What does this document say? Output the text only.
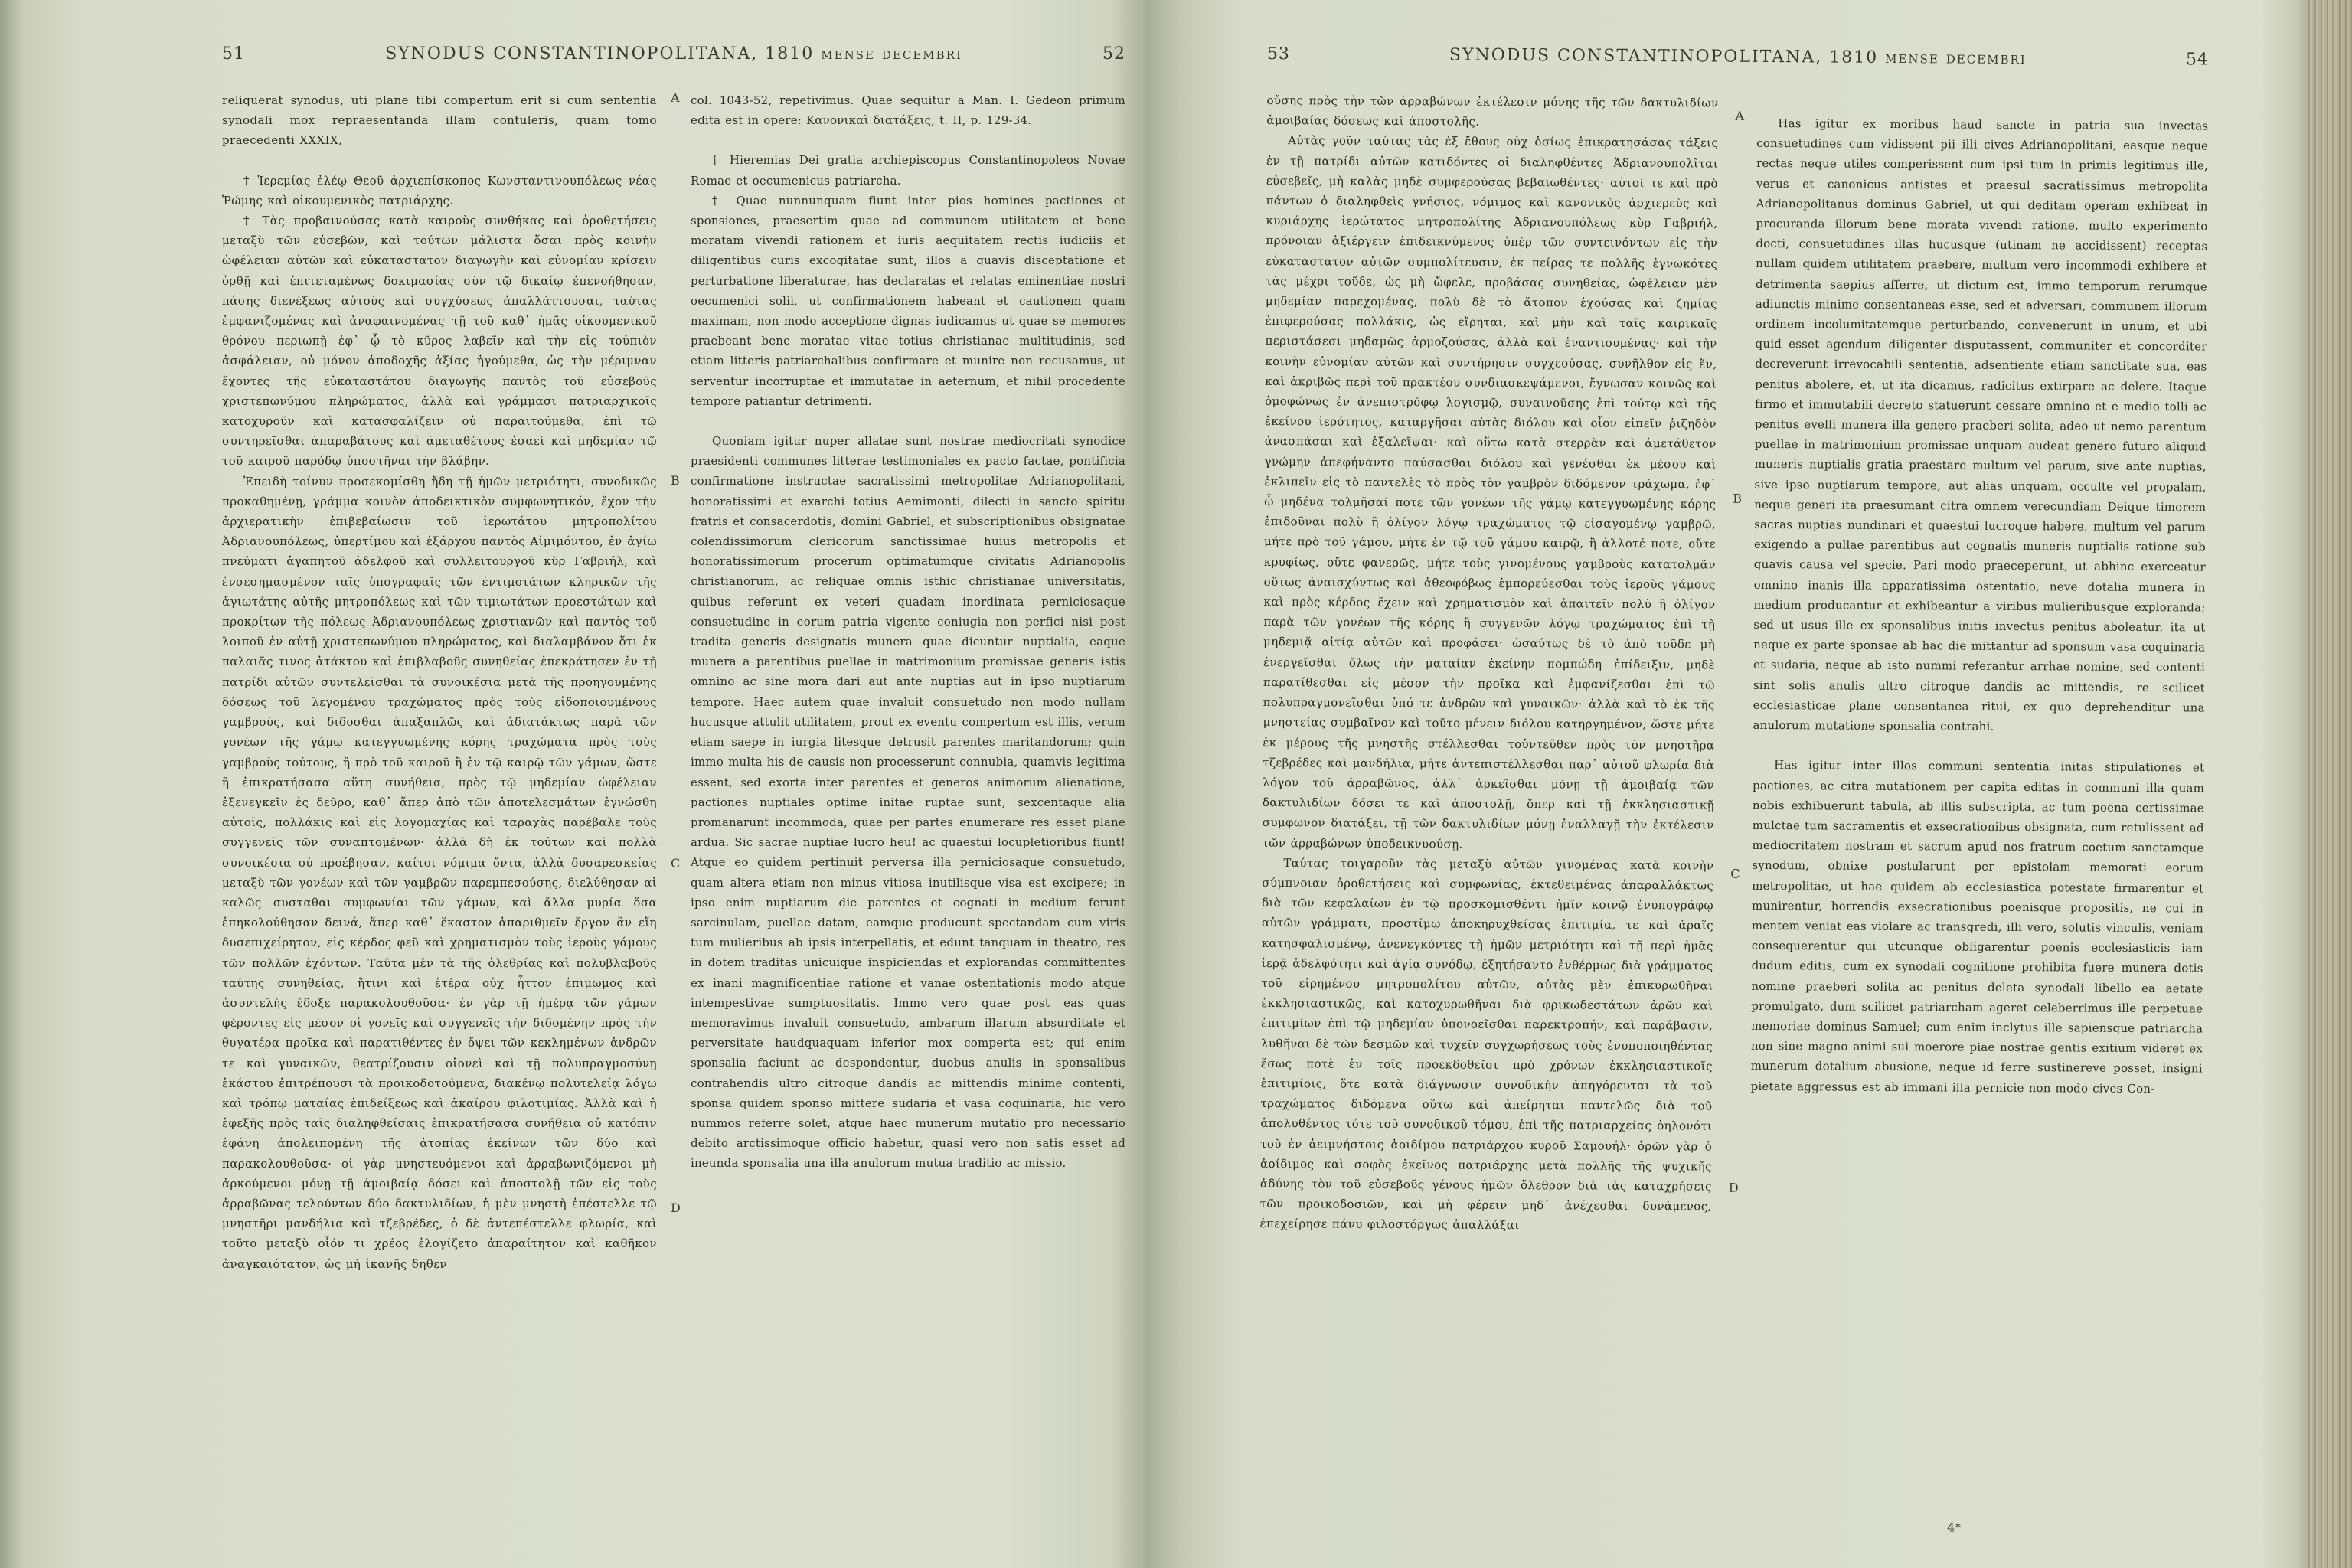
51	SYNODUS CONSTANTINOPOLITANA, 1810 mense decembri	52

reliquerat synodus, uti plane tibi compertum erit si cum sententia synodali mox repraesentanda illam contuleris, quam tomo praecedenti XXXIX,

† Ἱερεμίας ἐλέῳ Θεοῦ ἀρχιεπίσκοπος Κωνσταντινουπόλεως νέας Ῥώμης καὶ οἰκουμενικὸς πατριάρχης.

† Τὰς προβαινούσας κατὰ καιροὺς συνθήκας καὶ ὁροθετήσεις μεταξὺ τῶν εὐσεβῶν, καὶ τούτων μάλιστα ὅσαι πρὸς κοινὴν ὠφέλειαν αὐτῶν καὶ εὐκαταστατον διαγωγὴν καὶ εὐνομίαν κρίσειν ὀρθῇ καὶ ἐπιτεταμένως δοκιμασίας σὺν τῷ δικαίῳ ἐπενοήθησαν, πάσης διενέξεως αὐτοὺς καὶ συγχύσεως ἀπαλλάττουσαι, ταύτας ἐμφανιζομένας καὶ ἀναφαινομένας τῇ τοῦ καθ᾽ ἡμᾶς οἰκουμενικοῦ θρόνου περιωπῇ ἐφ᾽ ᾧ τὸ κῦρος λαβεῖν καὶ τὴν εἰς τοὐπιὸν ἀσφάλειαν, οὐ μόνον ἀποδοχῆς ἀξίας ἡγούμεθα, ὡς τὴν μέριμναν ἔχοντες τῆς εὐκαταστάτου διαγωγῆς παντὸς τοῦ εὐσεβοῦς χριστεπωνύμου πληρώματος, ἀλλὰ καὶ γράμμασι πατριαρχικοῖς κατοχυροῦν καὶ κατασφαλίζειν οὐ παραιτούμεθα, ἐπὶ τῷ συντηρεῖσθαι ἀπαραβάτους καὶ ἀμεταθέτους ἐσαεὶ καὶ μηδεμίαν τῷ τοῦ καιροῦ παρόδῳ ὑποστῆναι τὴν βλάβην.

Ἐπειδὴ τοίνυν προσεκομίσθη ἤδη τῇ ἡμῶν μετριότητι, συνοδικῶς προκαθημένῃ, γράμμα κοινὸν ἀποδεικτικὸν συμφωνητικόν, ἔχον τὴν ἀρχιερατικὴν ἐπιβεβαίωσιν τοῦ ἱερωτάτου μητροπολίτου Ἀδριανουπόλεως, ὑπερτίμου καὶ ἐξάρχου παντὸς Αἰμιμόντου, ἐν ἁγίῳ πνεύματι ἀγαπητοῦ ἀδελφοῦ καὶ συλλειτουργοῦ κὺρ Γαβριήλ, καὶ ἐνσεσημασμένον ταῖς ὑπογραφαῖς τῶν ἐντιμοτάτων κληρικῶν τῆς ἁγιωτάτης αὐτῆς μητροπόλεως καὶ τῶν τιμιωτάτων προεστώτων καὶ προκρίτων τῆς πόλεως Ἀδριανουπόλεως χριστιανῶν καὶ παντὸς τοῦ λοιποῦ ἐν αὐτῇ χριστεπωνύμου πληρώματος, καὶ διαλαμβάνον ὅτι ἐκ παλαιᾶς τινος ἀτάκτου καὶ ἐπιβλαβοῦς συνηθείας ἐπεκράτησεν ἐν τῇ πατρίδι αὐτῶν συντελεῖσθαι τὰ συνοικέσια μετὰ τῆς προηγουμένης δόσεως τοῦ λεγομένου τραχώματος πρὸς τοὺς εἰδοποιουμένους γαμβρούς, καὶ διδοσθαι ἀπαξαπλῶς καὶ ἀδιατάκτως παρὰ τῶν γονέων τῆς γάμῳ κατεγγυωμένης κόρης τραχώματα πρὸς τοὺς γαμβροὺς τούτους, ἢ πρὸ τοῦ καιροῦ ἢ ἐν τῷ καιρῷ τῶν γάμων, ὥστε ἢ ἐπικρατήσασα αὕτη συνήθεια, πρὸς τῷ μηδεμίαν ὠφέλειαν ἐξενεγκεῖν ἐς δεῦρο, καθ᾽ ἅπερ ἀπὸ τῶν ἀποτελεσμάτων ἐγνώσθη αὐτοῖς, πολλάκις καὶ εἰς λογομαχίας καὶ ταραχὰς παρέβαλε τοὺς συγγενεῖς τῶν συναπτομένων· ἀλλὰ δὴ ἐκ τούτων καὶ πολλὰ συνοικέσια οὐ προέβησαν, καίτοι νόμιμα ὄντα, ἀλλὰ δυσαρεσκείας μεταξὺ τῶν γονέων καὶ τῶν γαμβρῶν παρεμπεσούσης, διελύθησαν αἱ καλῶς συσταθαι συμφωνίαι τῶν γάμων, καὶ ἄλλα μυρία ὅσα ἐπηκολούθησαν δεινά, ἅπερ καθ᾽ ἕκαστον ἀπαριθμεῖν ἔργον ἂν εἴη δυσεπιχείρητον, εἰς κέρδος φεῦ καὶ χρηματισμὸν τοὺς ἱεροὺς γάμους τῶν πολλῶν ἐχόντων. Ταῦτα μὲν τὰ τῆς ὀλεθρίας καὶ πολυβλαβοῦς ταύτης συνηθείας, ἥτινι καὶ ἑτέρα οὐχ ἧττον ἐπιμωμος καὶ ἀσυντελὴς ἔδοξε παρακολουθοῦσα· ἐν γὰρ τῇ ἡμέρᾳ τῶν γάμων φέροντες εἰς μέσον οἱ γονεῖς καὶ συγγενεῖς τὴν διδομένην πρὸς τὴν θυγατέρα προῖκα καὶ παρατιθέντες ἐν ὄψει τῶν κεκλημένων ἀνδρῶν τε καὶ γυναικῶν, θεατρίζουσιν οἱονεὶ καὶ τῇ πολυπραγμοσύνῃ ἑκάστου ἐπιτρέπουσι τὰ προικοδοτούμενα, διακένῳ πολυτελείᾳ λόγῳ καὶ τρόπῳ ματαίας ἐπιδείξεως καὶ ἀκαίρου φιλοτιμίας. Ἀλλὰ καὶ ἡ ἐφεξῆς πρὸς ταῖς διαληφθείσαις ἐπικρατήσασα συνήθεια οὐ κατόπιν ἐφάνη ἀπολειπομένη τῆς ἀτοπίας ἐκείνων τῶν δύο καὶ παρακολουθοῦσα· οἱ γὰρ μνηστευόμενοι καὶ ἀρραβωνιζόμενοι μὴ ἀρκούμενοι μόνῃ τῇ ἀμοιβαίᾳ δόσει καὶ ἀποστολῇ τῶν εἰς τοὺς ἀρραβῶνας τελούντων δύο δακτυλιδίων, ἡ μὲν μνηστὴ ἐπέστελλε τῷ μνηστῆρι μανδήλια καὶ τζεβρέδες, ὁ δὲ ἀντεπέστελλε φλωρία, καὶ τοῦτο μεταξὺ οἷόν τι χρέος ἐλογίζετο ἀπαραίτητον καὶ καθῆκον ἀναγκαιότατον, ὡς μὴ ἱκανῆς δηθεν

col. 1043-52, repetivimus. Quae sequitur a Man. I. Gedeon primum edita est in opere: Κανονικαὶ διατάξεις, t. II, p. 129-34.

† Hieremias Dei gratia archiepiscopus Constantinopoleos Novae Romae et oecumenicus patriarcha.

† Quae nunnunquam fiunt inter pios homines pactiones et sponsiones, praesertim quae ad communem utilitatem et bene moratam vivendi rationem et iuris aequitatem rectis iudiciis et diligentibus curis excogitatae sunt, illos a quavis disceptatione et perturbatione liberaturae, has declaratas et relatas eminentiae nostri oecumenici solii, ut confirmationem habeant et cautionem quam maximam, non modo acceptione dignas iudicamus ut quae se memores praebeant bene moratae vitae totius christianae multitudinis, sed etiam litteris patriarchalibus confirmare et munire non recusamus, ut serventur incorruptae et immutatae in aeternum, et nihil procedente tempore patiantur detrimenti.

Quoniam igitur nuper allatae sunt nostrae mediocritati synodice praesidenti communes litterae testimoniales ex pacto factae, pontificia confirmatione instructae sacratissimi metropolitae Adrianopolitani, honoratissimi et exarchi totius Aemimonti, dilecti in sancto spiritu fratris et consacerdotis, domini Gabriel, et subscriptionibus obsignatae colendissimorum clericorum sanctissimae huius metropolis et honoratissimorum procerum optimatumque civitatis Adrianopolis christianorum, ac reliquae omnis isthic christianae universitatis, quibus referunt ex veteri quadam inordinata perniciosaque consuetudine in eorum patria vigente coniugia non perfici nisi post tradita generis designatis munera quae dicuntur nuptialia, eaque munera a parentibus puellae in matrimonium promissae generis istis omnino ac sine mora dari aut ante nuptias aut in ipso nuptiarum tempore. Haec autem quae invaluit consuetudo non modo nullam hucusque attulit utilitatem, prout ex eventu compertum est illis, verum etiam saepe in iurgia litesque detrusit parentes maritandorum; quin immo multa his de causis non processerunt connubia, quamvis legitima essent, sed exorta inter parentes et generos animorum alienatione, pactiones nuptiales optime initae ruptae sunt, sexcentaque alia promanarunt incommoda, quae per partes enumerare res esset plane ardua. Sic sacrae nuptiae lucro heu! ac quaestui locupletioribus fiunt! Atque eo quidem pertinuit perversa illa perniciosaque consuetudo, quam altera etiam non minus vitiosa inutilisque visa est excipere; in ipso enim nuptiarum die parentes et cognati in medium ferunt sarcinulam, puellae datam, eamque producunt spectandam cum viris tum mulieribus ab ipsis interpellatis, et edunt tanquam in theatro, res in dotem traditas unicuique inspiciendas et explorandas committentes ex inani magnificentiae ratione et vanae ostentationis modo atque intempestivae sumptuositatis. Immo vero quae post eas quas memoravimus invaluit consuetudo, ambarum illarum absurditate et perversitate haudquaquam inferior mox comperta est; qui enim sponsalia faciunt ac despondentur, duobus anulis in sponsalibus contrahendis ultro citroque dandis ac mittendis minime contenti, sponsa quidem sponso mittere sudaria et vasa coquinaria, hic vero nummos referre solet, atque haec munerum mutatio pro necessario debito arctissimoque officio habetur, quasi vero non satis esset ad ineunda sponsalia una illa anulorum mutua traditio ac missio.

A
B
C
D
53	SYNODUS CONSTANTINOPOLITANA, 1810 mense decembri	54

οὔσης πρὸς τὴν τῶν ἀρραβώνων ἐκτέλεσιν μόνης τῆς τῶν δακτυλιδίων ἀμοιβαίας δόσεως καὶ ἀποστολῆς.

Αὐτὰς γοῦν ταύτας τὰς ἐξ ἔθους οὐχ ὁσίως ἐπικρατησάσας τάξεις ἐν τῇ πατρίδι αὐτῶν κατιδόντες οἱ διαληφθέντες Ἀδριανουπολῖται εὐσεβεῖς, μὴ καλὰς μηδὲ συμφερούσας βεβαιωθέντες· αὐτοί τε καὶ πρὸ πάντων ὁ διαληφθεὶς γνήσιος, νόμιμος καὶ κανονικὸς ἀρχιερεὺς καὶ κυριάρχης ἱερώτατος μητροπολίτης Ἀδριανουπόλεως κὺρ Γαβριήλ, πρόνοιαν ἀξιέργειν ἐπιδεικνύμενος ὑπὲρ τῶν συντεινόντων εἰς τὴν εὐκαταστατον αὐτῶν συμπολίτευσιν, ἐκ πείρας τε πολλῆς ἐγνωκότες τὰς μέχρι τοῦδε, ὡς μὴ ὤφελε, προβάσας συνηθείας, ὠφέλειαν μὲν μηδεμίαν παρεχομένας, πολὺ δὲ τὸ ἄτοπον ἐχούσας καὶ ζημίας ἐπιφερούσας πολλάκις, ὡς εἴρηται, καὶ μὴν καὶ ταῖς καιρικαῖς περιστάσεσι μηδαμῶς ἁρμοζούσας, ἀλλὰ καὶ ἐναντιουμένας· καὶ τὴν κοινὴν εὐνομίαν αὐτῶν καὶ συντήρησιν συγχεούσας, συνῆλθον εἰς ἕν, καὶ ἀκριβῶς περὶ τοῦ πρακτέου συνδιασκεψάμενοι, ἔγνωσαν κοινῶς καὶ ὁμοφώνως ἐν ἀνεπιστρόφῳ λογισμῷ, συναινοῦσης ἐπὶ τούτῳ καὶ τῆς ἐκείνου ἱερότητος, καταργῆσαι αὐτὰς διόλου καὶ οἷον εἰπεῖν ῥιζηδὸν ἀνασπάσαι καὶ ἐξαλεῖψαι· καὶ οὕτω κατὰ στερρὰν καὶ ἀμετάθετον γνώμην ἀπεφήναντο παύσασθαι διόλου καὶ γενέσθαι ἐκ μέσου καὶ ἐκλιπεῖν εἰς τὸ παντελὲς τὸ πρὸς τὸν γαμβρὸν διδόμενον τράχωμα, ἐφ᾽ ᾧ μηδένα τολμῆσαί ποτε τῶν γονέων τῆς γάμῳ κατεγγυωμένης κόρης ἐπιδοῦναι πολὺ ἢ ὀλίγον λόγῳ τραχώματος τῷ εἰσαγομένῳ γαμβρῷ, μήτε πρὸ τοῦ γάμου, μήτε ἐν τῷ τοῦ γάμου καιρῷ, ἢ ἀλλοτέ ποτε, οὔτε κρυφίως, οὔτε φανερῶς, μήτε τοὺς γινομένους γαμβροὺς κατατολμᾶν οὕτως ἀναισχύντως καὶ ἀθεοφόβως ἐμπορεύεσθαι τοὺς ἱεροὺς γάμους καὶ πρὸς κέρδος ἔχειν καὶ χρηματισμὸν καὶ ἀπαιτεῖν πολὺ ἢ ὀλίγον παρὰ τῶν γονέων τῆς κόρης ἢ συγγενῶν λόγῳ τραχώματος ἐπὶ τῇ μηδεμιᾷ αἰτίᾳ αὐτῶν καὶ προφάσει· ὡσαύτως δὲ τὸ ἀπὸ τοῦδε μὴ ἐνεργεῖσθαι ὅλως τὴν ματαίαν ἐκείνην πομπώδη ἐπίδειξιν, μηδὲ παρατίθεσθαι εἰς μέσον τὴν προῖκα καὶ ἐμφανίζεσθαι ἐπὶ τῷ πολυπραγμονεῖσθαι ὑπό τε ἀνδρῶν καὶ γυναικῶν· ἀλλὰ καὶ τὸ ἐκ τῆς μνηστείας συμβαῖνον καὶ τοῦτο μένειν διόλου κατηργημένον, ὥστε μήτε ἐκ μέρους τῆς μνηστῆς στέλλεσθαι τοὐντεῦθεν πρὸς τὸν μνηστῆρα τζεβρέδες καὶ μανδήλια, μήτε ἀντεπιστέλλεσθαι παρ᾽ αὐτοῦ φλωρία διὰ λόγον τοῦ ἀρραβῶνος, ἀλλ᾽ ἀρκεῖσθαι μόνῃ τῇ ἀμοιβαίᾳ τῶν δακτυλιδίων δόσει τε καὶ ἀποστολῇ, ὅπερ καὶ τῇ ἐκκλησιαστικῇ συμφωνον διατάξει, τῇ τῶν δακτυλιδίων μόνῃ ἐναλλαγῇ τὴν ἐκτέλεσιν τῶν ἀρραβώνων ὑποδεικνυούσῃ.

Ταύτας τοιγαροῦν τὰς μεταξὺ αὐτῶν γινομένας κατὰ κοινὴν σύμπνοιαν ὁροθετήσεις καὶ συμφωνίας, ἐκτεθειμένας ἀπαραλλάκτως διὰ τῶν κεφαλαίων ἐν τῷ προσκομισθέντι ἡμῖν κοινῷ ἐνυπογράφῳ αὐτῶν γράμματι, προστίμῳ ἀποκηρυχθείσας ἐπιτιμία, τε καὶ ἀραῖς κατησφαλισμένῳ, ἀνενεγκόντες τῇ ἡμῶν μετριότητι καὶ τῇ περὶ ἡμᾶς ἱερᾷ ἀδελφότητι καὶ ἁγίᾳ συνόδῳ, ἐξητήσαντο ἐνθέρμως διὰ γράμματος τοῦ εἰρημένου μητροπολίτου αὐτῶν, αὐτὰς μὲν ἐπικυρωθῆναι ἐκκλησιαστικῶς, καὶ κατοχυρωθῆναι διὰ φρικωδεστάτων ἀρῶν καὶ ἐπιτιμίων ἐπὶ τῷ μηδεμίαν ὑπονοεῖσθαι παρεκτροπήν, καὶ παράβασιν, λυθῆναι δὲ τῶν δεσμῶν καὶ τυχεῖν συγχωρήσεως τοὺς ἐνυποποιηθέντας ἔσως ποτὲ ἐν τοῖς προεκδοθεῖσι πρὸ χρόνων ἐκκλησιαστικοῖς ἐπιτιμίοις, ὅτε κατὰ διάγνωσιν συνοδικὴν ἀπηγόρευται τὰ τοῦ τραχώματος διδόμενα οὕτω καὶ ἀπείρηται παντελῶς διὰ τοῦ ἀπολυθέντος τότε τοῦ συνοδικοῦ τόμου, ἐπὶ τῆς πατριαρχείας ὀηλονότι τοῦ ἐν ἀειμνήστοις ἀοιδίμου πατριάρχου κυροῦ Σαμουήλ· ὁρῶν γὰρ ὁ ἀοίδιμος καὶ σοφὸς ἐκεῖνος πατριάρχης μετὰ πολλῆς τῆς ψυχικῆς ἀδύνης τὸν τοῦ εὐσεβοῦς γένους ἡμῶν ὄλεθρον διὰ τὰς καταχρήσεις τῶν προικοδοσιῶν, καὶ μὴ φέρειν μηδ᾽ ἀνέχεσθαι δυνάμενος, ἐπεχείρησε πάνυ φιλοστόργως ἀπαλλάξαι

Has igitur ex moribus haud sancte in patria sua invectas consuetudines cum vidissent pii illi cives Adrianopolitani, easque neque rectas neque utiles comperissent cum ipsi tum in primis legitimus ille, verus et canonicus antistes et praesul sacratissimus metropolita Adrianopolitanus dominus Gabriel, ut qui deditam operam exhibeat in procuranda illorum bene morata vivendi ratione, multo experimento docti, consuetudines illas hucusque (utinam ne accidissent) receptas nullam quidem utilitatem praebere, multum vero incommodi exhibere et detrimenta saepius afferre, ut dictum est, immo temporum rerumque adiunctis minime consentaneas esse, sed et adversari, communem illorum ordinem incolumitatemque perturbando, convenerunt in unum, et ubi quid esset agendum diligenter disputassent, communiter et concorditer decreverunt irrevocabili sententia, adsentiente etiam sanctitate sua, eas penitus abolere, et, ut ita dicamus, radicitus extirpare ac delere. Itaque firmo et immutabili decreto statuerunt cessare omnino et e medio tolli ac penitus evelli munera illa genero praeberi solita, adeo ut nemo parentum puellae in matrimonium promissae unquam audeat genero futuro aliquid muneris nuptialis gratia praestare multum vel parum, sive ante nuptias, sive ipso nuptiarum tempore, aut alias unquam, occulte vel propalam, neque generi ita praesumant citra omnem verecundiam Deique timorem sacras nuptias nundinari et quaestui lucroque habere, multum vel parum exigendo a pullae parentibus aut cognatis muneris nuptialis ratione sub quavis causa vel specie. Pari modo praeceperunt, ut abhinc exerceatur omnino inanis illa apparatissima ostentatio, neve dotalia munera in medium producantur et exhibeantur a viribus mulieribusque exploranda; sed ut usus ille ex sponsalibus initis invectus penitus aboleatur, ita ut neque ex parte sponsae ab hac die mittantur ad sponsum vasa coquinaria et sudaria, neque ab isto nummi referantur arrhae nomine, sed contenti sint solis anulis ultro citroque dandis ac mittendis, re scilicet ecclesiasticae plane consentanea ritui, ex quo deprehenditur una anulorum mutatione sponsalia contrahi.

Has igitur inter illos communi sententia initas stipulationes et pactiones, ac citra mutationem per capita editas in communi illa quam nobis exhibuerunt tabula, ab illis subscripta, ac tum poena certissimae mulctae tum sacramentis et exsecrationibus obsignata, cum retulissent ad mediocritatem nostram et sacrum apud nos fratrum coetum sanctamque synodum, obnixe postularunt per epistolam memorati eorum metropolitae, ut hae quidem ab ecclesiastica potestate firmarentur et munirentur, horrendis exsecrationibus poenisque propositis, ne cui in mentem veniat eas violare ac transgredi, illi vero, solutis vinculis, veniam consequerentur qui utcunque obligarentur poenis ecclesiasticis iam dudum editis, cum ex synodali cognitione prohibita fuere munera dotis nomine praeberi solita ac penitus deleta synodali libello ea aetate promulgato, dum scilicet patriarcham ageret celeberrimus ille perpetuae memoriae dominus Samuel; cum enim inclytus ille sapiensque patriarcha non sine magno animi sui moerore piae nostrae gentis exitium videret ex munerum dotalium abusione, neque id ferre sustinereve posset, insigni pietate aggressus est ab immani illa pernicie non modo cives Con-

A
B
C
D
4*
